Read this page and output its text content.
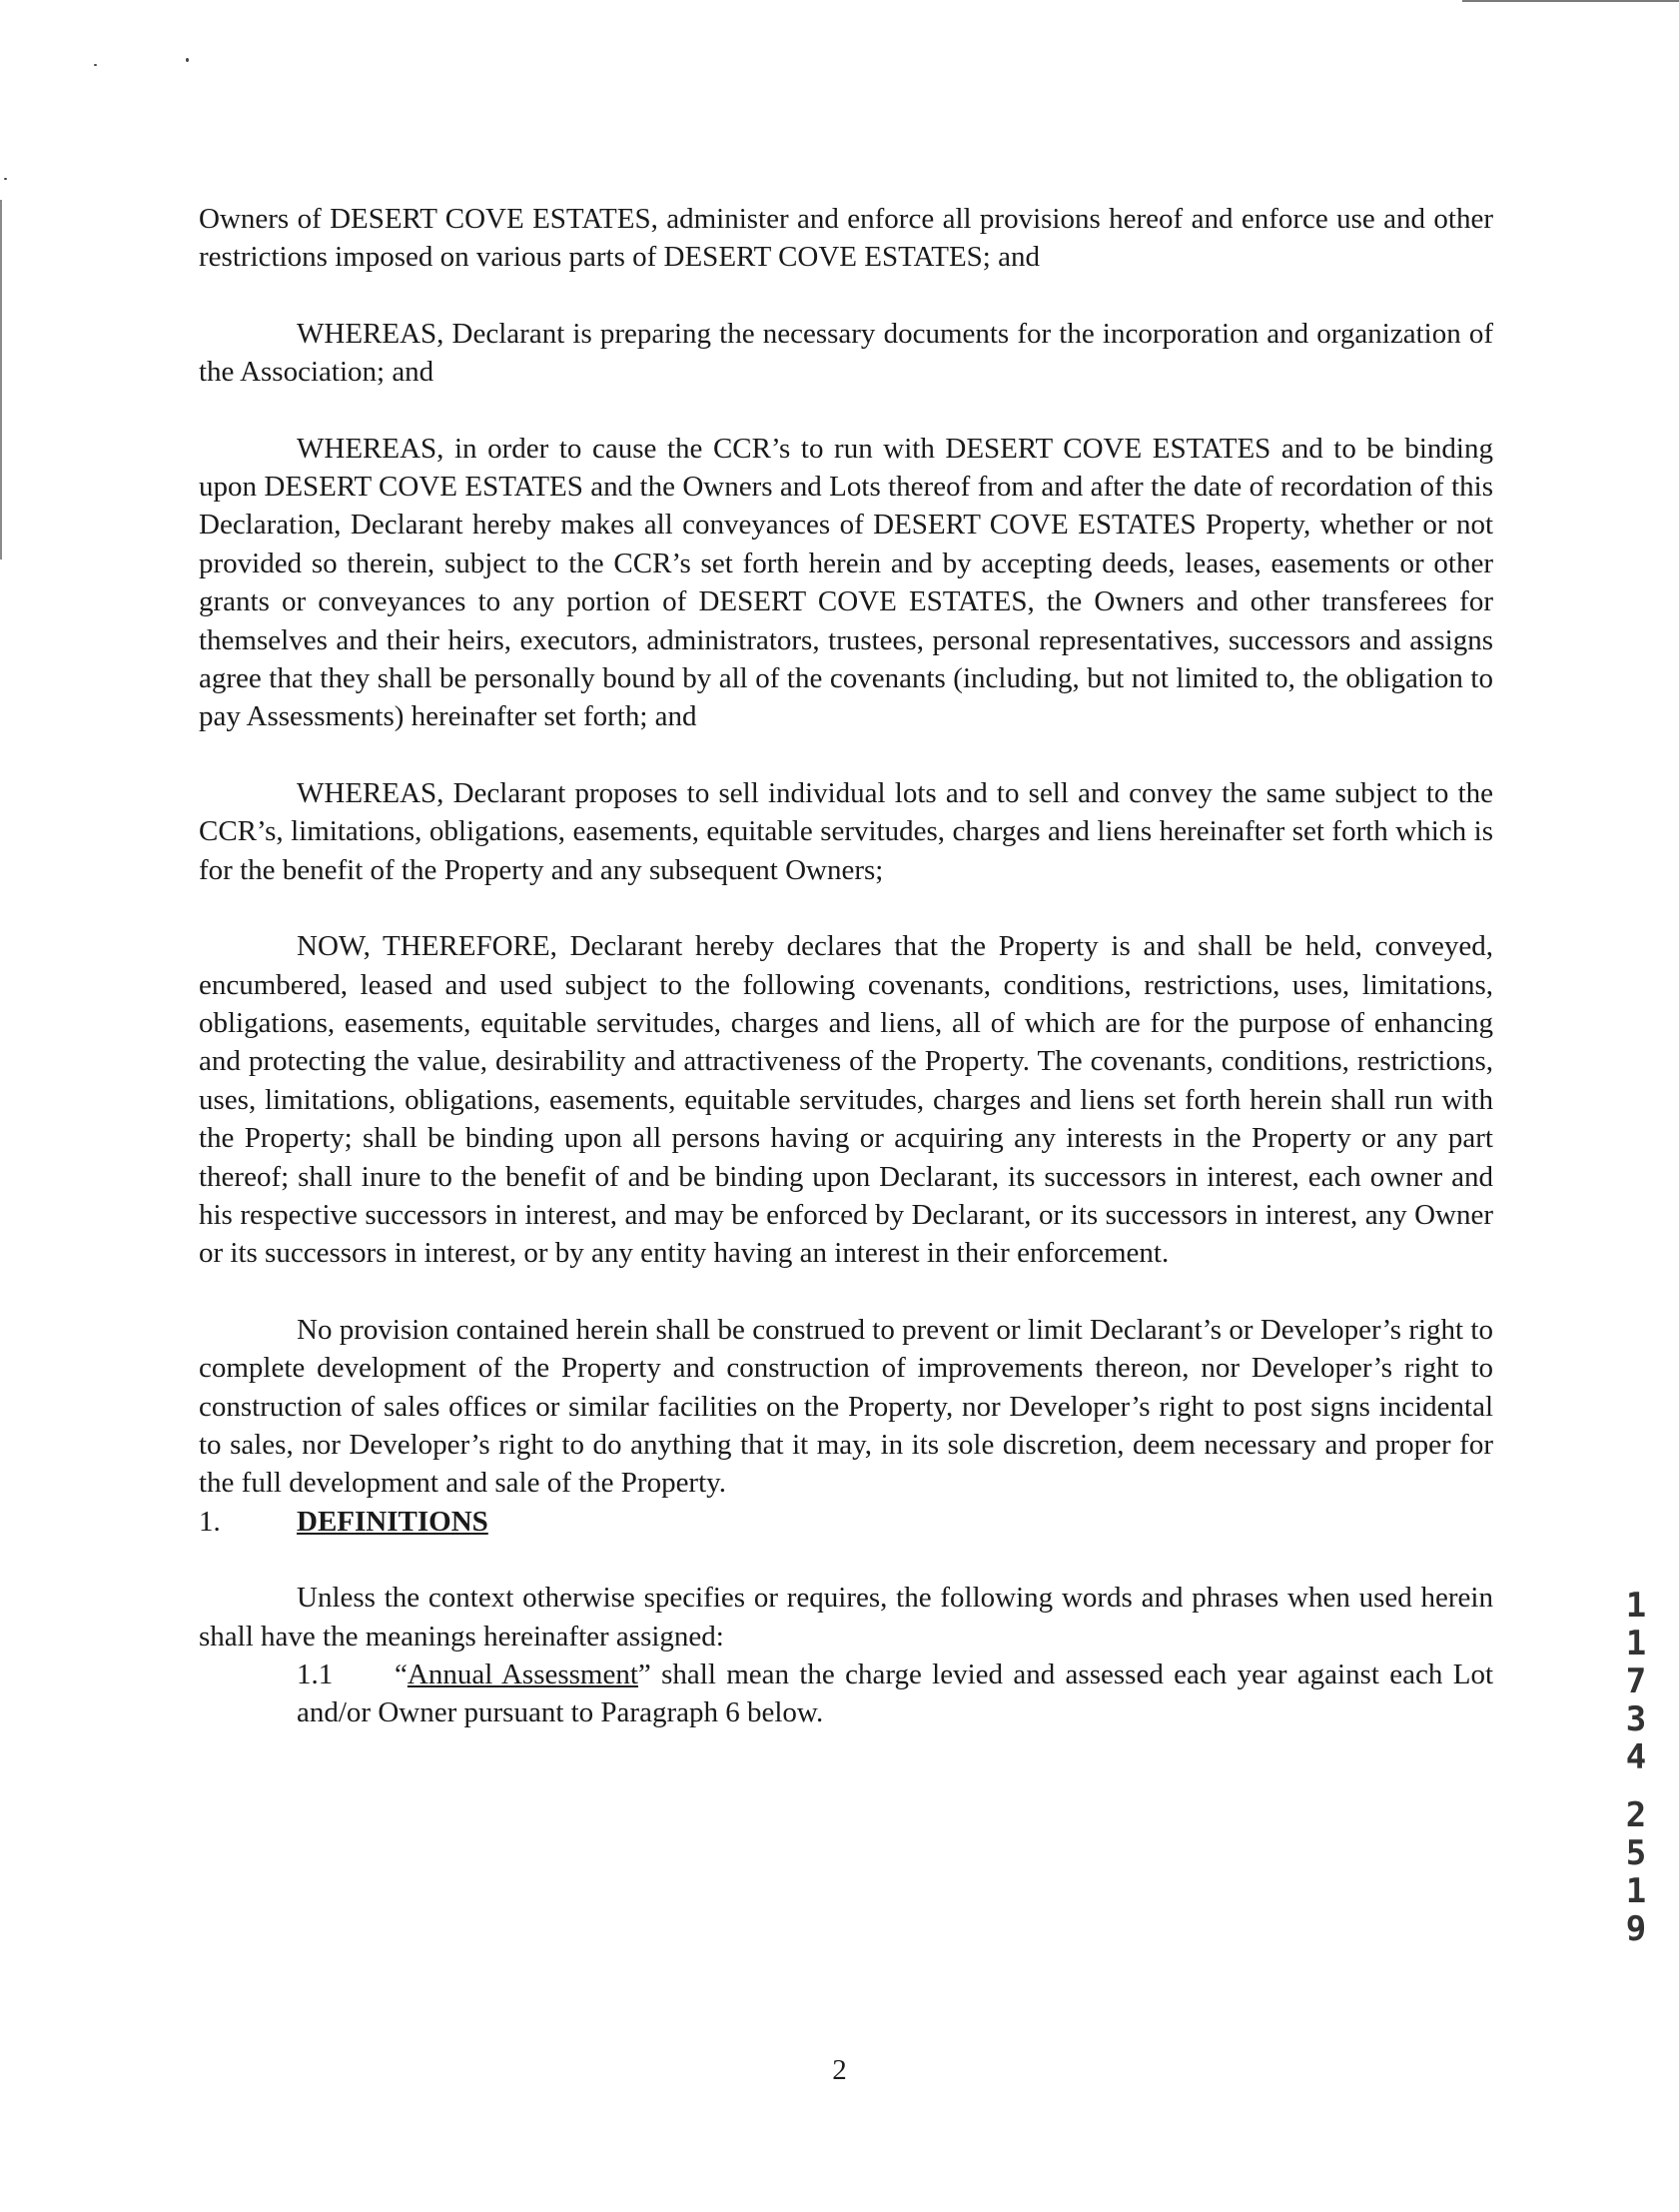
Owners of DESERT COVE ESTATES, administer and enforce all provisions hereof and enforce use and other restrictions imposed on various parts of DESERT COVE ESTATES; and

WHEREAS, Declarant is preparing the necessary documents for the incorporation and organization of the Association; and

WHEREAS, in order to cause the CCR’s to run with DESERT COVE ESTATES and to be binding upon DESERT COVE ESTATES and the Owners and Lots thereof from and after the date of recordation of this Declaration, Declarant hereby makes all conveyances of DESERT COVE ESTATES Property, whether or not provided so therein, subject to the CCR’s set forth herein and by accepting deeds, leases, easements or other grants or conveyances to any portion of DESERT COVE ESTATES, the Owners and other transferees for themselves and their heirs, executors, administrators, trustees, personal representatives, successors and assigns agree that they shall be personally bound by all of the covenants (including, but not limited to, the obligation to pay Assessments) hereinafter set forth; and

WHEREAS, Declarant proposes to sell individual lots and to sell and convey the same subject to the CCR’s, limitations, obligations, easements, equitable servitudes, charges and liens hereinafter set forth which is for the benefit of the Property and any subsequent Owners;

NOW, THEREFORE, Declarant hereby declares that the Property is and shall be held, conveyed, encumbered, leased and used subject to the following covenants, conditions, restrictions, uses, limitations, obligations, easements, equitable servitudes, charges and liens, all of which are for the purpose of enhancing and protecting the value, desirability and attractiveness of the Property. The covenants, conditions, restrictions, uses, limitations, obligations, easements, equitable servitudes, charges and liens set forth herein shall run with the Property; shall be binding upon all persons having or acquiring any interests in the Property or any part thereof; shall inure to the benefit of and be binding upon Declarant, its successors in interest, each owner and his respective successors in interest, and may be enforced by Declarant, or its successors in interest, any Owner or its successors in interest, or by any entity having an interest in their enforcement.

No provision contained herein shall be construed to prevent or limit Declarant’s or Developer’s right to complete development of the Property and construction of improvements thereon, nor Developer’s right to construction of sales offices or similar facilities on the Property, nor Developer’s right to post signs incidental to sales, nor Developer’s right to do anything that it may, in its sole discretion, deem necessary and proper for the full development and sale of the Property.

1.	DEFINITIONS

Unless the context otherwise specifies or requires, the following words and phrases when used herein shall have the meanings hereinafter assigned:

1.1 “Annual Assessment” shall mean the charge levied and assessed each year against each Lot and/or Owner pursuant to Paragraph 6 below.

1
1
7
3
4
2
5
1
9
2
